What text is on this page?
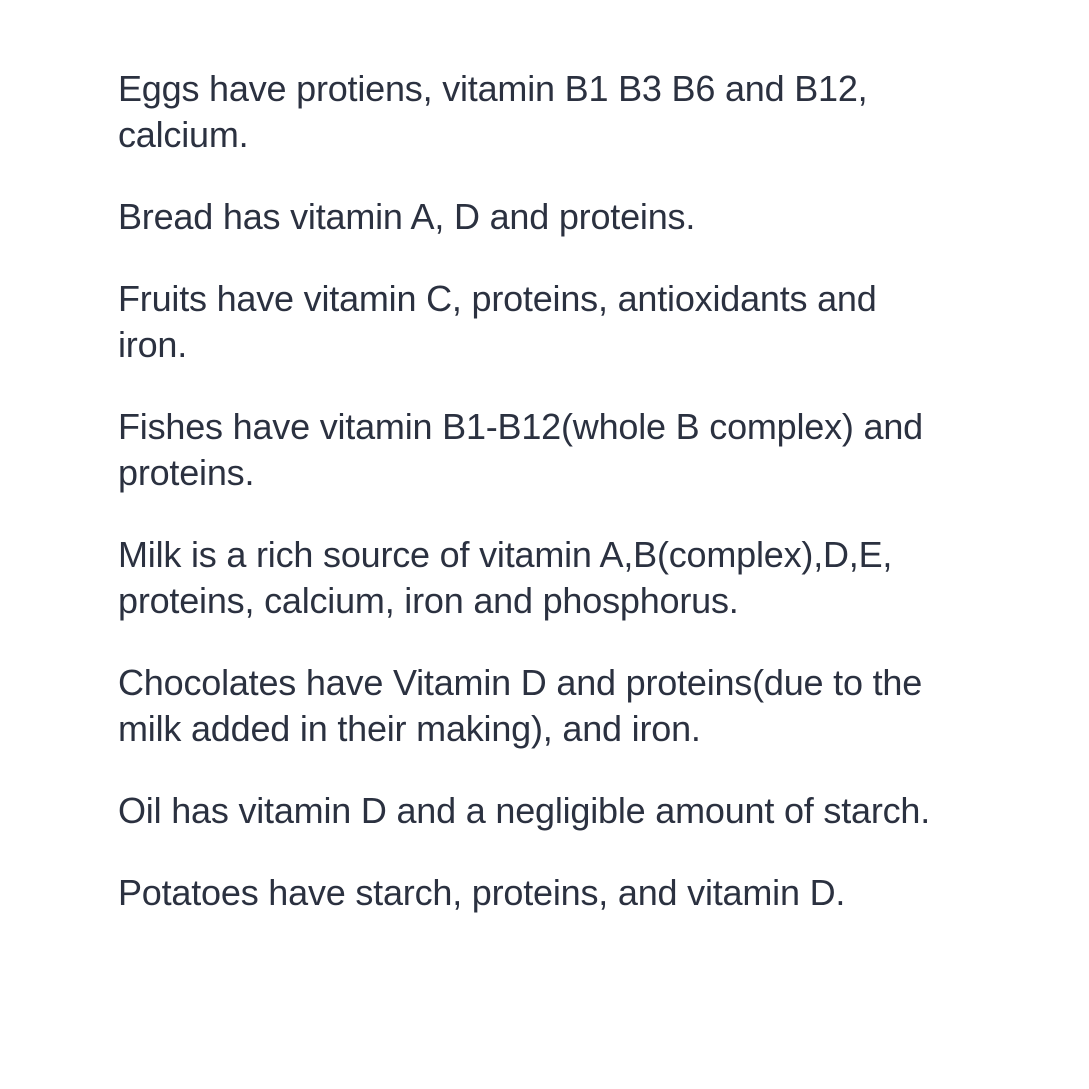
Eggs have protiens, vitamin B1 B3 B6 and B12, calcium.

Bread has vitamin A, D and proteins.

Fruits have vitamin C, proteins, antioxidants and iron.

Fishes have vitamin B1-B12(whole B complex) and proteins.

Milk is a rich source of vitamin A,B(complex),D,E, proteins, calcium, iron and phosphorus.

Chocolates have Vitamin D and proteins(due to the milk added in their making), and iron.

Oil has vitamin D and a negligible amount of starch.

Potatoes have starch, proteins, and vitamin D.
